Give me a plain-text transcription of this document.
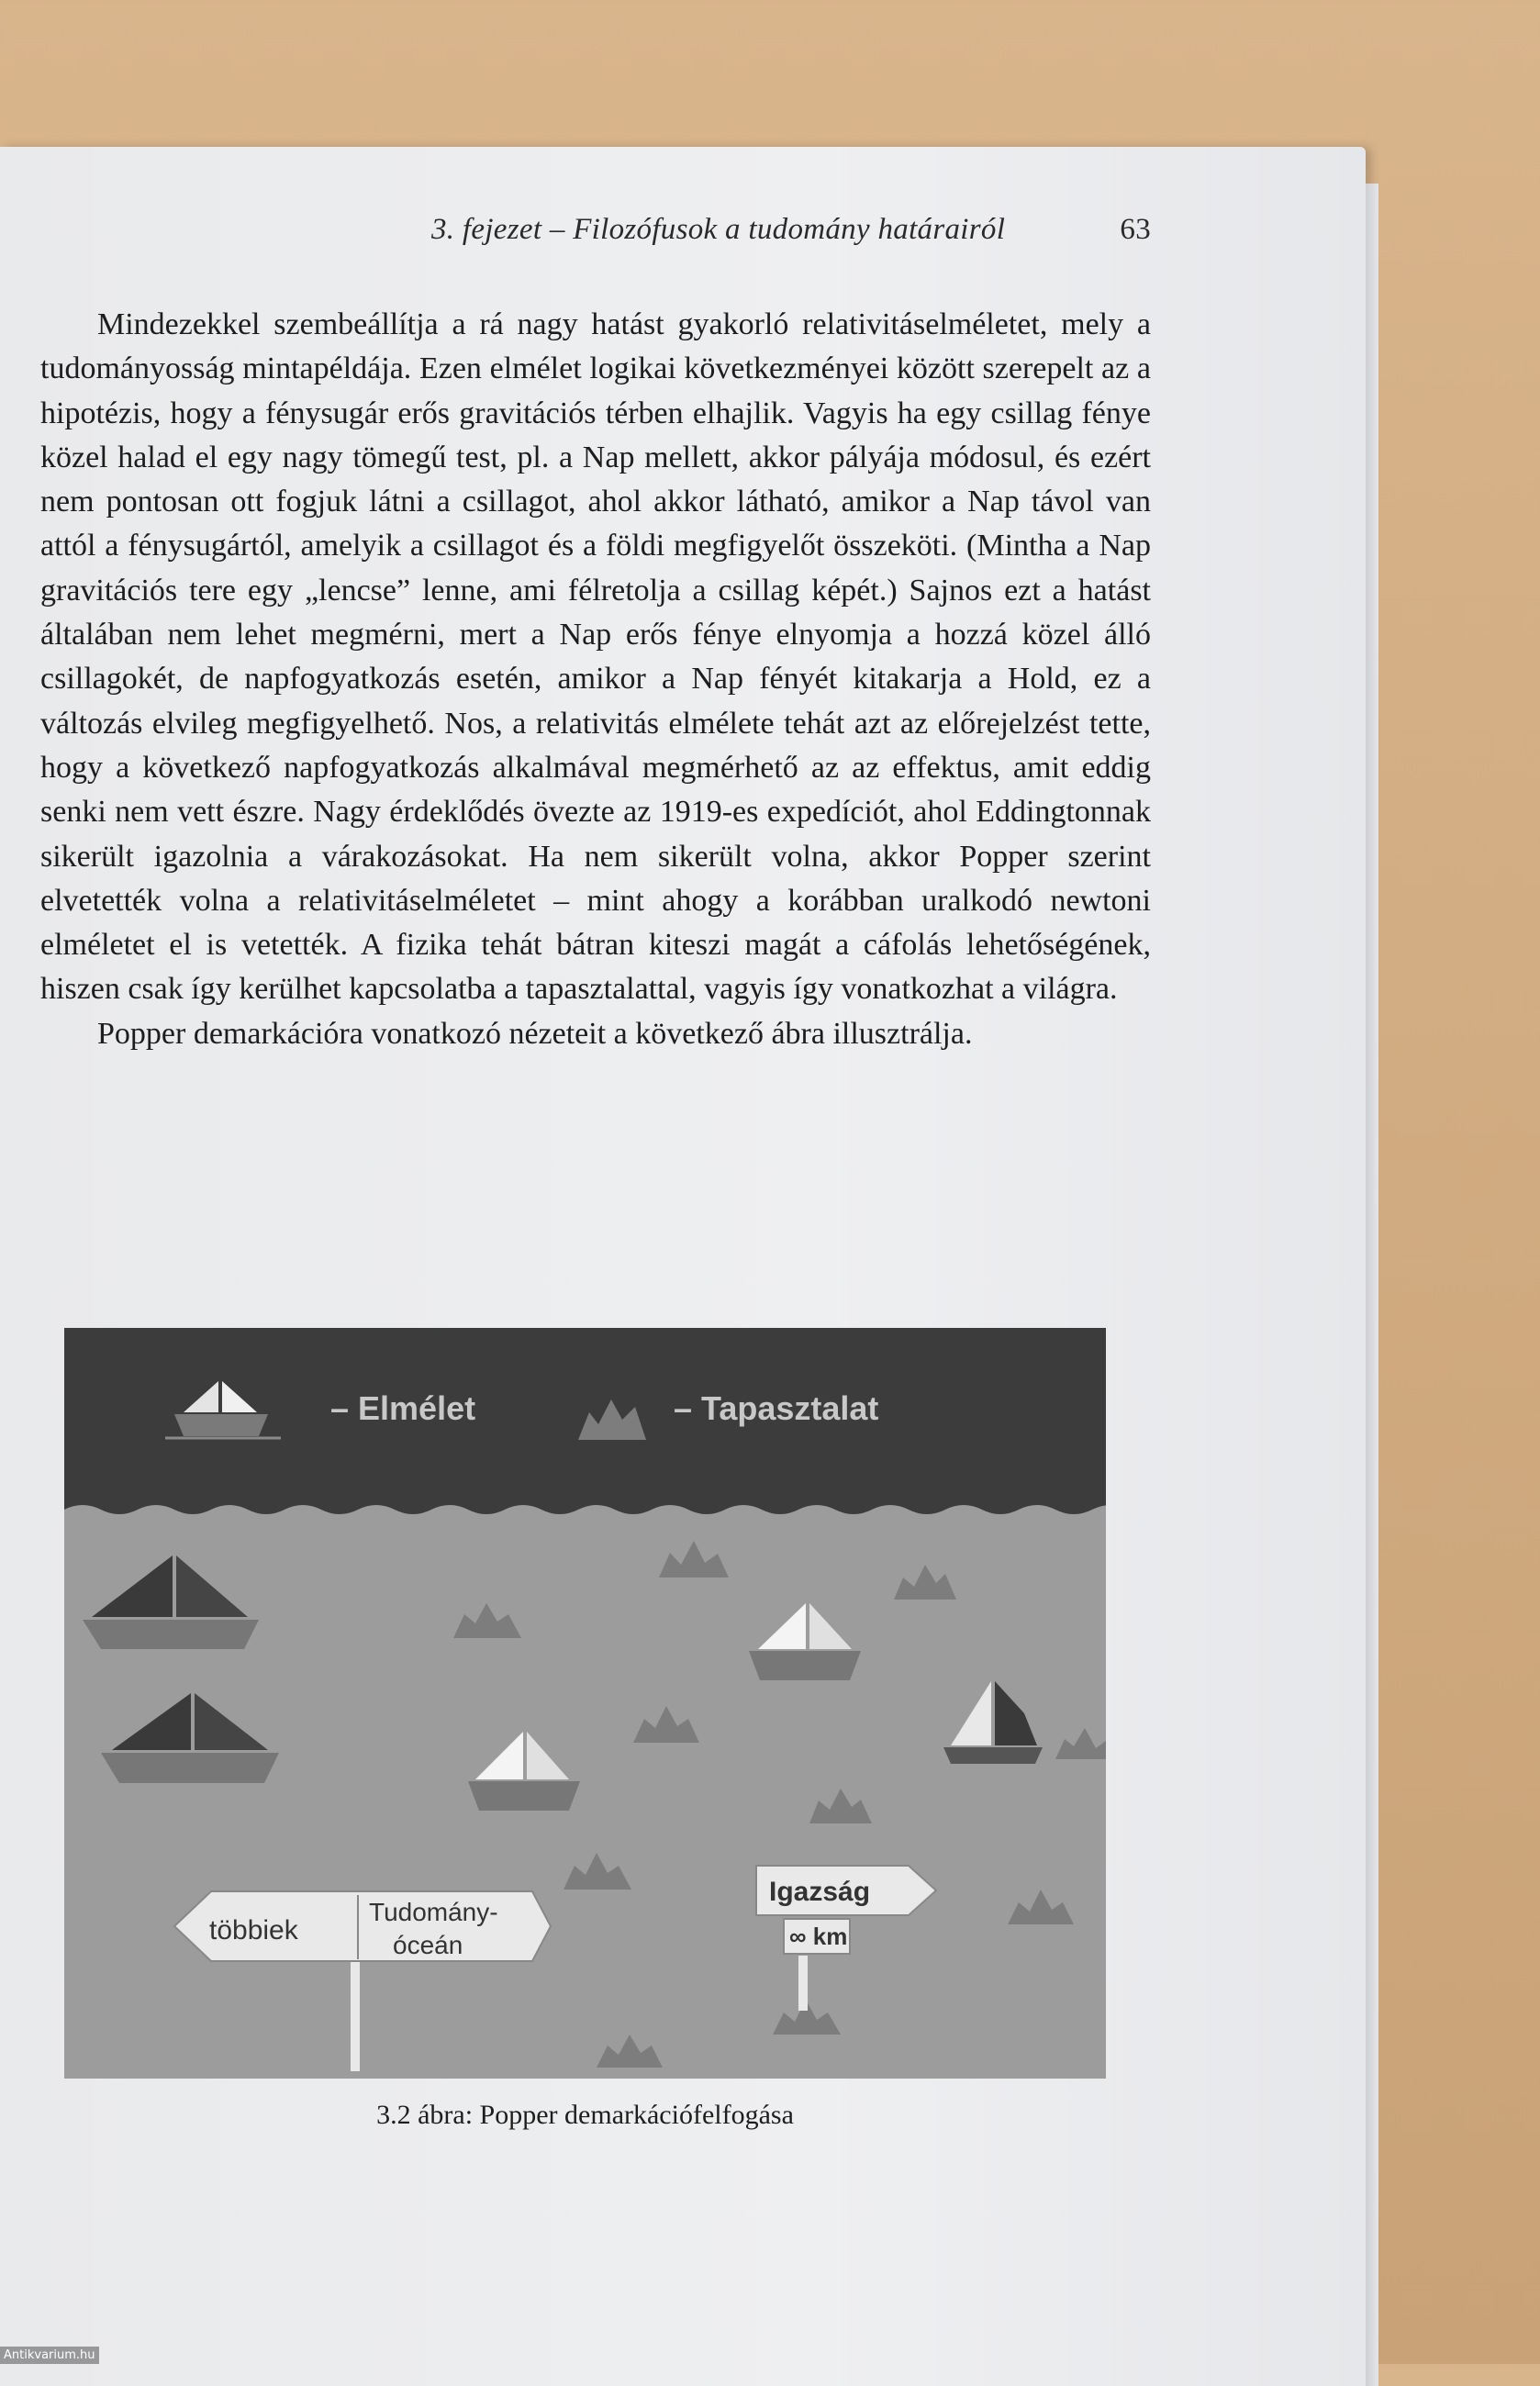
3. fejezet – Filozófusok a tudomány határairól	63

Mindezekkel szembeállítja a rá nagy hatást gyakorló relativitáselméletet, mely a tudományosság mintapéldája. Ezen elmélet logikai következményei között szerepelt az a hipotézis, hogy a fénysugár erős gravitációs térben elhajlik. Vagyis ha egy csillag fénye közel halad el egy nagy tömegű test, pl. a Nap mellett, akkor pályája módosul, és ezért nem pontosan ott fogjuk látni a csillagot, ahol akkor látható, amikor a Nap távol van attól a fénysugártól, amelyik a csillagot és a földi megfigyelőt összeköti. (Mintha a Nap gravitációs tere egy „lencse” lenne, ami félretolja a csillag képét.) Sajnos ezt a hatást általában nem lehet megmérni, mert a Nap erős fénye elnyomja a hozzá közel álló csillagokét, de napfogyatkozás esetén, amikor a Nap fényét kitakarja a Hold, ez a változás elvileg megfigyelhető. Nos, a relativitás elmélete tehát azt az előrejelzést tette, hogy a következő napfogyatkozás alkalmával megmérhető az az effektus, amit eddig senki nem vett észre. Nagy érdeklődés övezte az 1919-es expedíciót, ahol Eddingtonnak sikerült igazolnia a várakozásokat. Ha nem sikerült volna, akkor Popper szerint elvetették volna a relativitáselméletet – mint ahogy a korábban uralkodó newtoni elméletet el is vetették. A fizika tehát bátran kiteszi magát a cáfolás lehetőségének, hiszen csak így kerülhet kapcsolatba a tapasztalattal, vagyis így vonatkozhat a világra.

Popper demarkációra vonatkozó nézeteit a következő ábra illusztrálja.

– Elmélet	– Tapasztalat
többiek
Tudomány-
óceán
Igazság
∞ km
3.2 ábra: Popper demarkációfelfogása
Antikvarium.hu
